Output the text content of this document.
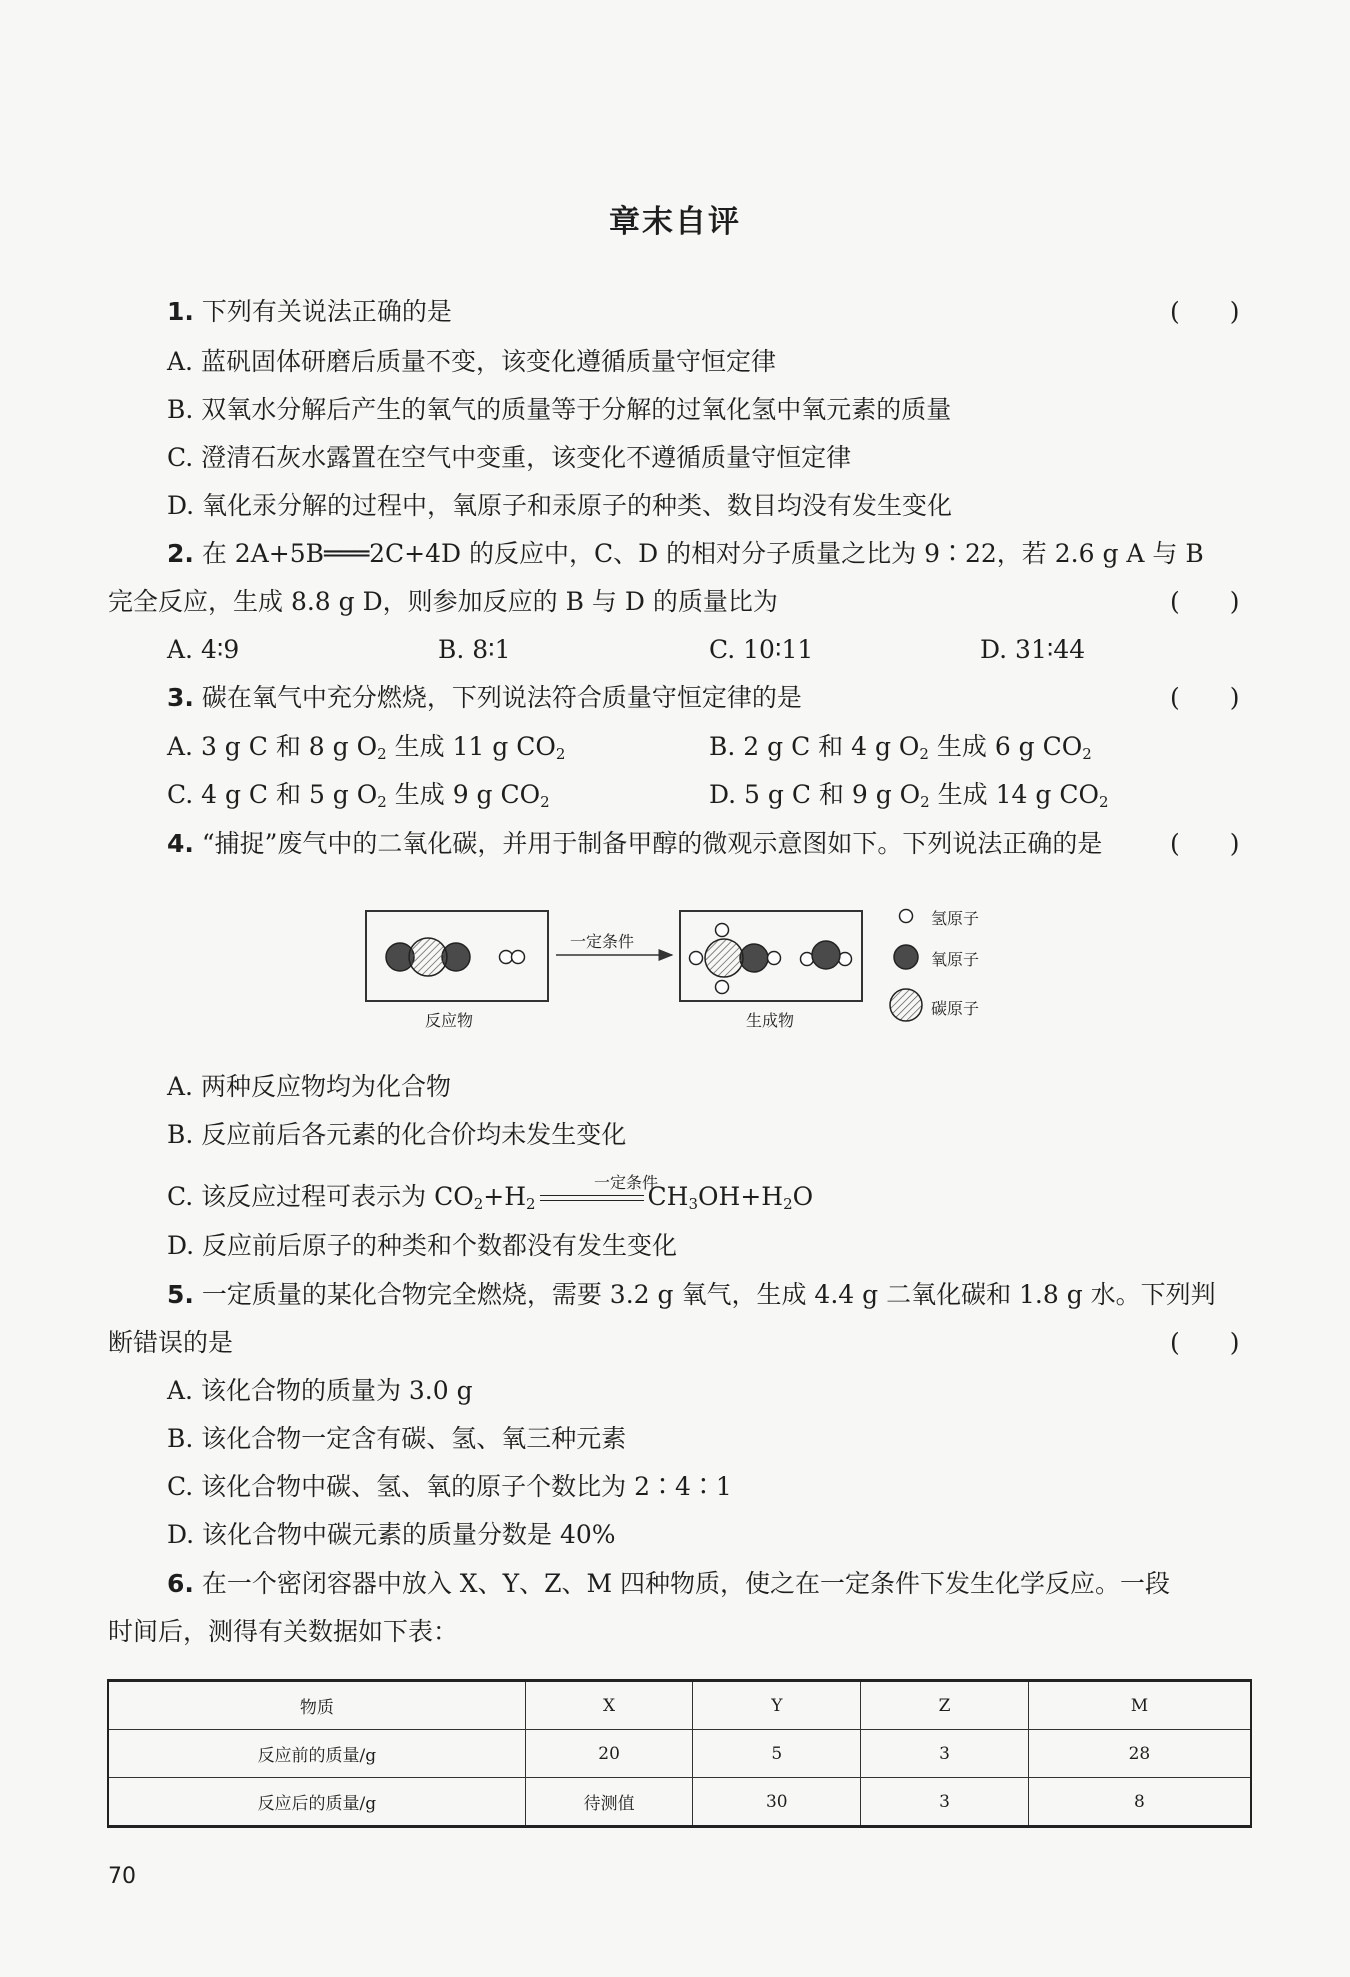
章末自评
1. 下列有关说法正确的是	(　　)
A. 蓝矾固体研磨后质量不变，该变化遵循质量守恒定律
B. 双氧水分解后产生的氧气的质量等于分解的过氧化氢中氧元素的质量
C. 澄清石灰水露置在空气中变重，该变化不遵循质量守恒定律
D. 氧化汞分解的过程中，氧原子和汞原子的种类、数目均没有发生变化
2. 在 2A+5B═══2C+4D 的反应中，C、D 的相对分子质量之比为 9∶22，若 2.6 g A 与 B
完全反应，生成 8.8 g D，则参加反应的 B 与 D 的质量比为	(　　)
A. 4∶9	B. 8∶1	C. 10∶11	D. 31∶44
3. 碳在氧气中充分燃烧，下列说法符合质量守恒定律的是	(　　)
A. 3 g C 和 8 g $O_2$ 生成 11 g $CO_2$	B. 2 g C 和 4 g $O_2$ 生成 6 g $CO_2$
C. 4 g C 和 5 g $O_2$ 生成 9 g $CO_2$	D. 5 g C 和 9 g $O_2$ 生成 14 g $CO_2$
4. “捕捉”废气中的二氧化碳，并用于制备甲醇的微观示意图如下。下列说法正确的是	(　　)
一定条件
反应物	生成物
氢原子
氧原子
碳原子
A. 两种反应物均为化合物
B. 反应前后各元素的化合价均未发生变化
C. 该反应过程可表示为 $CO_2+H_2$	$CH_3OH+H_2O$
一定条件
D. 反应前后原子的种类和个数都没有发生变化
5. 一定质量的某化合物完全燃烧，需要 3.2 g 氧气，生成 4.4 g 二氧化碳和 1.8 g 水。下列判
断错误的是	(　　)
A. 该化合物的质量为 3.0 g
B. 该化合物一定含有碳、氢、氧三种元素
C. 该化合物中碳、氢、氧的原子个数比为 2∶4∶1
D. 该化合物中碳元素的质量分数是 40%
6. 在一个密闭容器中放入 X、Y、Z、M 四种物质，使之在一定条件下发生化学反应。一段
时间后，测得有关数据如下表：
物质	X	Y	Z	M
反应前的质量/g	20	5	3	28
反应后的质量/g	待测值	30	3	8
70
